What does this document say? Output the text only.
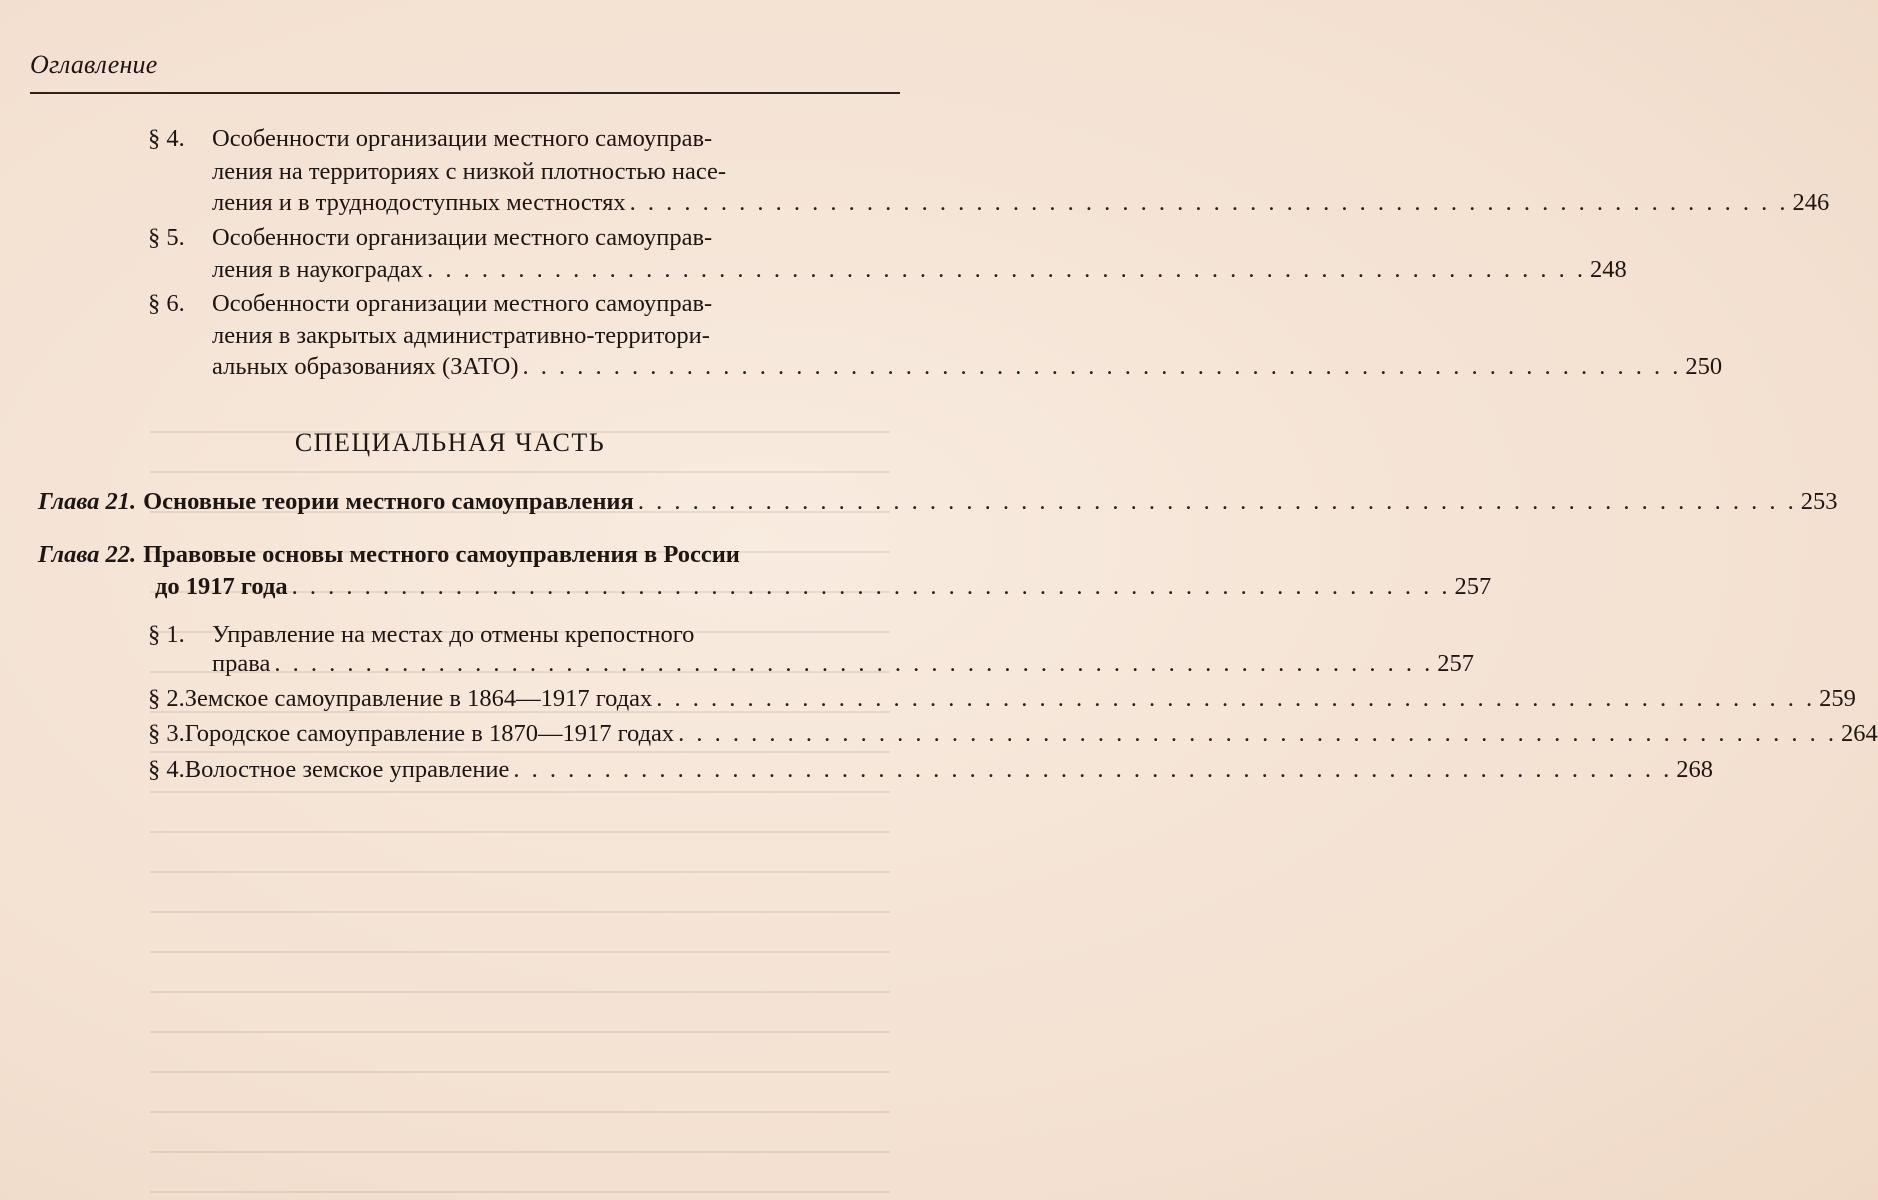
Оглавление
§ 4.	Особенности организации местного самоуправ-
ления на территориях с низкой плотностью насе-
ления и в труднодоступных местностях . . . . . . . . . . . . . . . . . . . . . . . . . . . . . . . . . . . . . . . . . . . . . . . . . . . . . . . . . . . . . . . . 246
§ 5.	Особенности организации местного самоуправ-
ления в наукоградах . . . . . . . . . . . . . . . . . . . . . . . . . . . . . . . . . . . . . . . . . . . . . . . . . . . . . . . . . . . . . . . . 248
§ 6.	Особенности организации местного самоуправ-
ления в закрытых административно-территори-
альных образованиях (ЗАТО) . . . . . . . . . . . . . . . . . . . . . . . . . . . . . . . . . . . . . . . . . . . . . . . . . . . . . . . . . . . . . . . . 250
СПЕЦИАЛЬНАЯ ЧАСТЬ
Глава 21. Основные теории местного самоуправления . . . . . . . . . . . . . . . . . . . . . . . . . . . . . . . . . . . . . . . . . . . . . . . . . . . . . . . . . . . . . . . . 253
Глава 22. Правовые основы местного самоуправления в России
до 1917 года . . . . . . . . . . . . . . . . . . . . . . . . . . . . . . . . . . . . . . . . . . . . . . . . . . . . . . . . . . . . . . . . 257
§ 1.	Управление на местах до отмены крепостного
права . . . . . . . . . . . . . . . . . . . . . . . . . . . . . . . . . . . . . . . . . . . . . . . . . . . . . . . . . . . . . . . . 257
§ 2. Земское самоуправление в 1864—1917 годах . . . . . . . . . . . . . . . . . . . . . . . . . . . . . . . . . . . . . . . . . . . . . . . . . . . . . . . . . . . . . . . . 259
§ 3. Городское самоуправление в 1870—1917 годах . . . . . . . . . . . . . . . . . . . . . . . . . . . . . . . . . . . . . . . . . . . . . . . . . . . . . . . . . . . . . . . . 264
§ 4. Волостное земское управление . . . . . . . . . . . . . . . . . . . . . . . . . . . . . . . . . . . . . . . . . . . . . . . . . . . . . . . . . . . . . . . . 268
